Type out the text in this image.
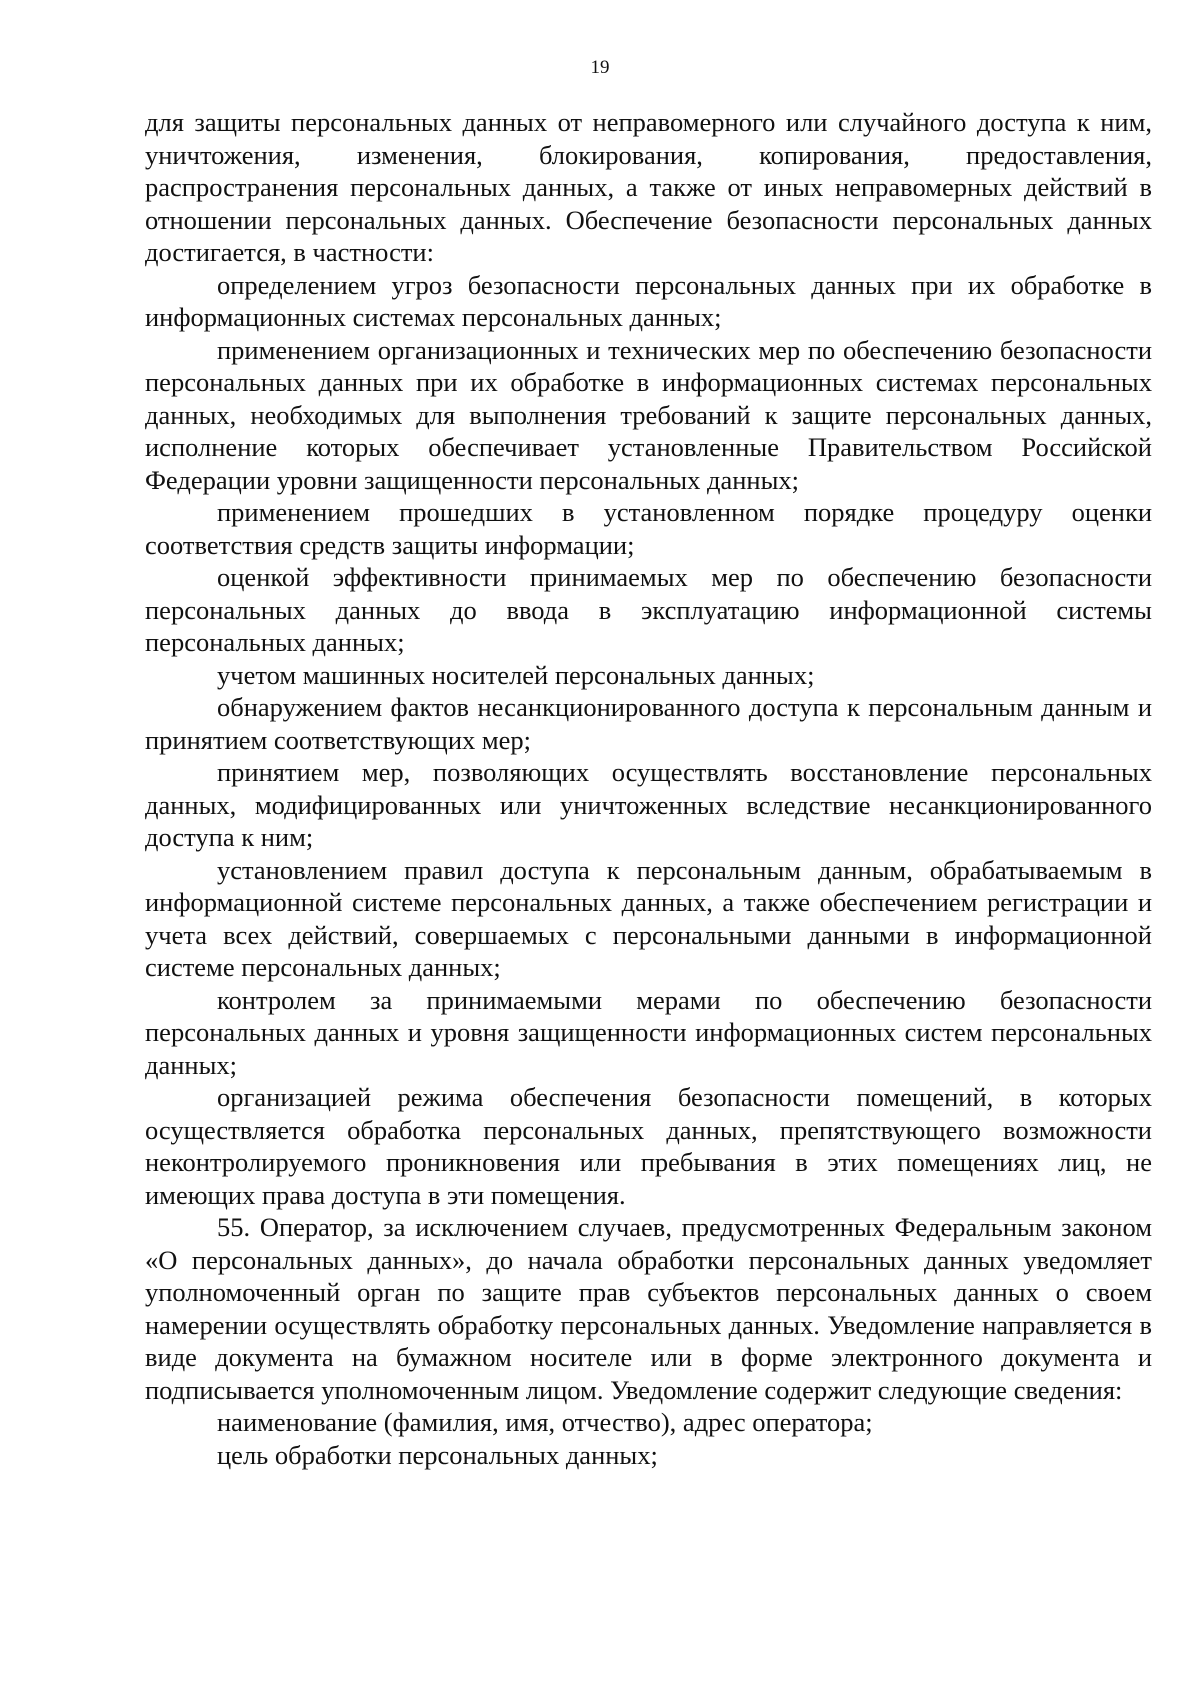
19

для защиты персональных данных от неправомерного или случайного доступа к ним, уничтожения, изменения, блокирования, копирования, предоставления, распространения персональных данных, а также от иных неправомерных действий в отношении персональных данных. Обеспечение безопасности персональных данных достигается, в частности:

определением угроз безопасности персональных данных при их обработке в информационных системах персональных данных;

применением организационных и технических мер по обеспечению безопасности персональных данных при их обработке в информационных системах персональных данных, необходимых для выполнения требований к защите персональных данных, исполнение которых обеспечивает установленные Правительством Российской Федерации уровни защищенности персональных данных;

применением прошедших в установленном порядке процедуру оценки соответствия средств защиты информации;

оценкой эффективности принимаемых мер по обеспечению безопасности персональных данных до ввода в эксплуатацию информационной системы персональных данных;

учетом машинных носителей персональных данных;

обнаружением фактов несанкционированного доступа к персональным данным и принятием соответствующих мер;

принятием мер, позволяющих осуществлять восстановление персональных данных, модифицированных или уничтоженных вследствие несанкционированного доступа к ним;

установлением правил доступа к персональным данным, обрабатываемым в информационной системе персональных данных, а также обеспечением регистрации и учета всех действий, совершаемых с персональными данными в информационной системе персональных данных;

контролем за принимаемыми мерами по обеспечению безопасности персональных данных и уровня защищенности информационных систем персональных данных;

организацией режима обеспечения безопасности помещений, в которых осуществляется обработка персональных данных, препятствующего возможности неконтролируемого проникновения или пребывания в этих помещениях лиц, не имеющих права доступа в эти помещения.

55. Оператор, за исключением случаев, предусмотренных Федеральным законом «О персональных данных», до начала обработки персональных данных уведомляет уполномоченный орган по защите прав субъектов персональных данных о своем намерении осуществлять обработку персональных данных. Уведомление направляется в виде документа на бумажном носителе или в форме электронного документа и подписывается уполномоченным лицом. Уведомление содержит следующие сведения:

наименование (фамилия, имя, отчество), адрес оператора;

цель обработки персональных данных;
